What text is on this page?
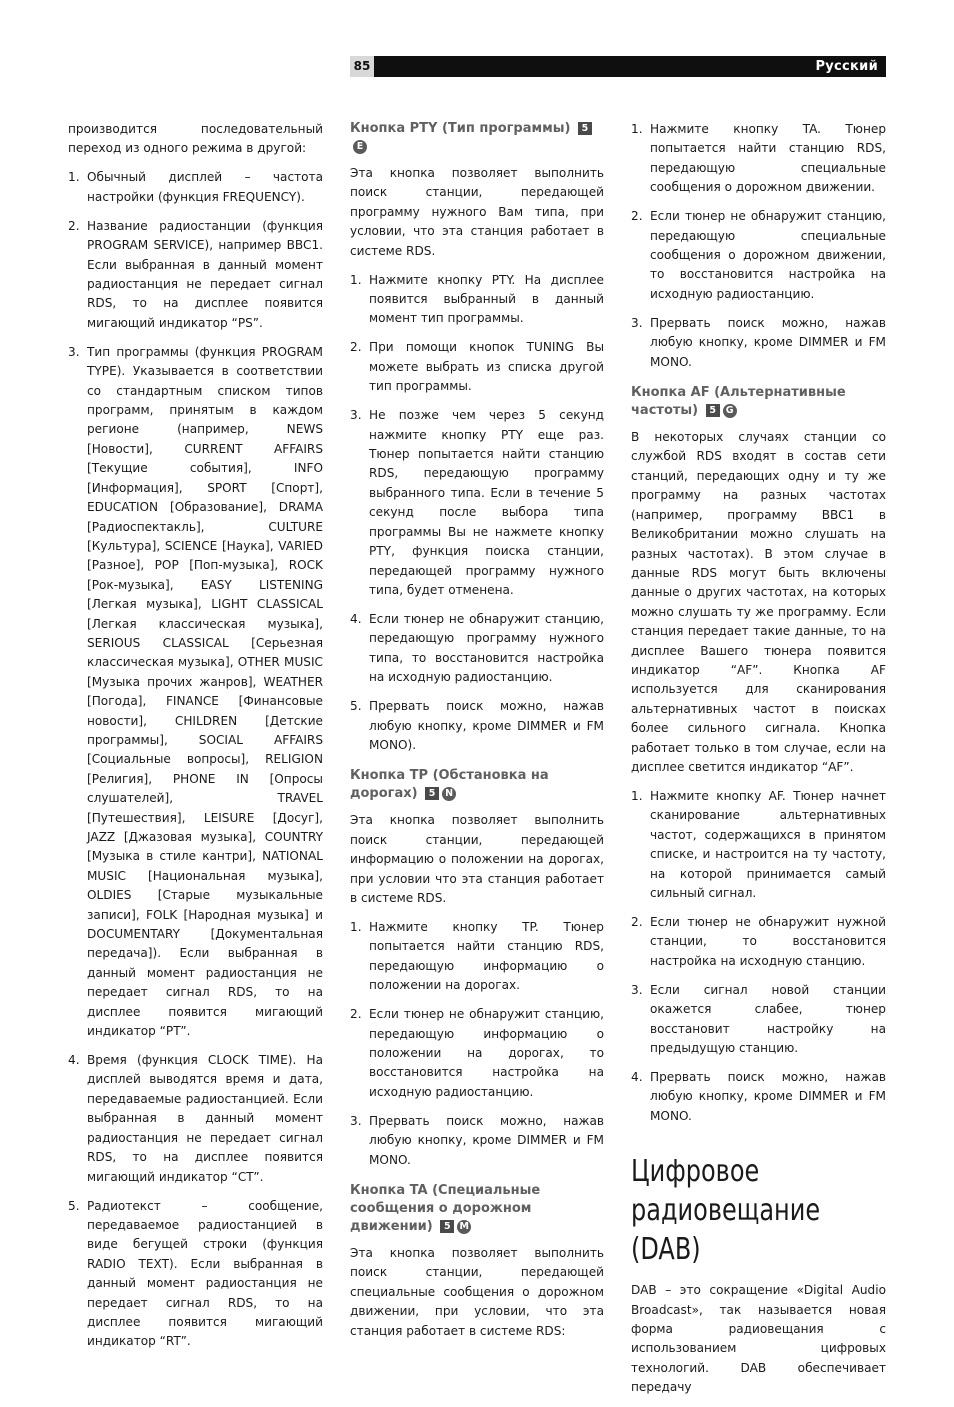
85	Русский

производится последовательный переход из одного режима в другой:

1. Обычный дисплей – частота настройки (функция FREQUENCY).
2. Название радиостанции (функция PROGRAM SERVICE), например BBC1. Если выбранная в данный момент радиостанция не передает сигнал RDS, то на дисплее появится мигающий индикатор “PS”.
3. Тип программы (функция PROGRAM TYPE). Указывается в соответствии со стандартным списком типов программ, принятым в каждом регионе (например, NEWS [Новости], CURRENT AFFAIRS [Текущие события], INFO [Информация], SPORT [Спорт], EDUCATION [Образование], DRAMA [Радиоспектакль], CULTURE [Культура], SCIENCE [Наука], VARIED [Разное], POP [Поп-музыка], ROCK [Рок-музыка], EASY LISTENING [Легкая музыка], LIGHT CLASSICAL [Легкая классическая музыка], SERIOUS CLASSICAL [Серьезная классическая музыка], OTHER MUSIC [Музыка прочих жанров], WEATHER [Погода], FINANCE [Финансовые новости], CHILDREN [Детские программы], SOCIAL AFFAIRS [Социальные вопросы], RELIGION [Религия], PHONE IN [Опросы слушателей], TRAVEL [Путешествия], LEISURE [Досуг], JAZZ [Джазовая музыка], COUNTRY [Музыка в стиле кантри], NATIONAL MUSIC [Национальная музыка], OLDIES [Старые музыкальные записи], FOLK [Народная музыка] и DOCUMENTARY [Документальная передача]). Если выбранная в данный момент радиостанция не передает сигнал RDS, то на дисплее появится мигающий индикатор “PT”.
4. Время (функция CLOCK TIME). На дисплей выводятся время и дата, передаваемые радиостанцией. Если выбранная в данный момент радиостанция не передает сигнал RDS, то на дисплее появится мигающий индикатор “CT”.
5. Радиотекст – сообщение, передаваемое радиостанцией в виде бегущей строки (функция RADIO TEXT). Если выбранная в данный момент радиостанция не передает сигнал RDS, то на дисплее появится мигающий индикатор “RT”.
Кнопка PTY (Тип программы) 5E

Эта кнопка позволяет выполнить поиск станции, передающей программу нужного Вам типа, при условии, что эта станция работает в системе RDS.

1. Нажмите кнопку PTY. На дисплее появится выбранный в данный момент тип программы.
2. При помощи кнопок TUNING Вы можете выбрать из списка другой тип программы.
3. Не позже чем через 5 секунд нажмите кнопку PTY еще раз. Тюнер попытается найти станцию RDS, передающую программу выбранного типа. Если в течение 5 секунд после выбора типа программы Вы не нажмете кнопку PTY, функция поиска станции, передающей программу нужного типа, будет отменена.
4. Если тюнер не обнаружит станцию, передающую программу нужного типа, то восстановится настройка на исходную радиостанцию.
5. Прервать поиск можно, нажав любую кнопку, кроме DIMMER и FM MONO).
Кнопка TP (Обстановка на дорогах) 5 N

Эта кнопка позволяет выполнить поиск станции, передающей информацию о положении на дорогах, при условии что эта станция работает в системе RDS.

1. Нажмите кнопку TP. Тюнер попытается найти станцию RDS, передающую информацию о положении на дорогах.
2. Если тюнер не обнаружит станцию, передающую информацию о положении на дорогах, то восстановится настройка на исходную радиостанцию.
3. Прервать поиск можно, нажав любую кнопку, кроме DIMMER и FM MONO.
Кнопка TA (Специальные сообщения о дорожном движении) 5 M

Эта кнопка позволяет выполнить поиск станции, передающей специальные сообщения о дорожном движении, при условии, что эта станция работает в системе RDS:

1. Нажмите кнопку TA. Тюнер попытается найти станцию RDS, передающую специальные сообщения о дорожном движении.
2. Если тюнер не обнаружит станцию, передающую специальные сообщения о дорожном движении, то восстановится настройка на исходную радиостанцию.
3. Прервать поиск можно, нажав любую кнопку, кроме DIMMER и FM MONO.
Кнопка AF (Альтернативные частоты) 5 G

В некоторых случаях станции со службой RDS входят в состав сети станций, передающих одну и ту же программу на разных частотах (например, программу BBC1 в Великобритании можно слушать на разных частотах). В этом случае в данные RDS могут быть включены данные о других частотах, на которых можно слушать ту же программу. Если станция передает такие данные, то на дисплее Вашего тюнера появится индикатор “AF”. Кнопка AF используется для сканирования альтернативных частот в поисках более сильного сигнала. Кнопка работает только в том случае, если на дисплее светится индикатор “AF”.

1. Нажмите кнопку AF. Тюнер начнет сканирование альтернативных частот, содержащихся в принятом списке, и настроится на ту частоту, на которой принимается самый сильный сигнал.
2. Если тюнер не обнаружит нужной станции, то восстановится настройка на исходную станцию.
3. Если сигнал новой станции окажется слабее, тюнер восстановит настройку на предыдущую станцию.
4. Прервать поиск можно, нажав любую кнопку, кроме DIMMER и FM MONO.
Цифровое радиовещание (DAB)

DAB – это сокращение «Digital Audio Broadcast», так называется новая форма радиовещания с использованием цифровых технологий. DAB обеспечивает передачу
